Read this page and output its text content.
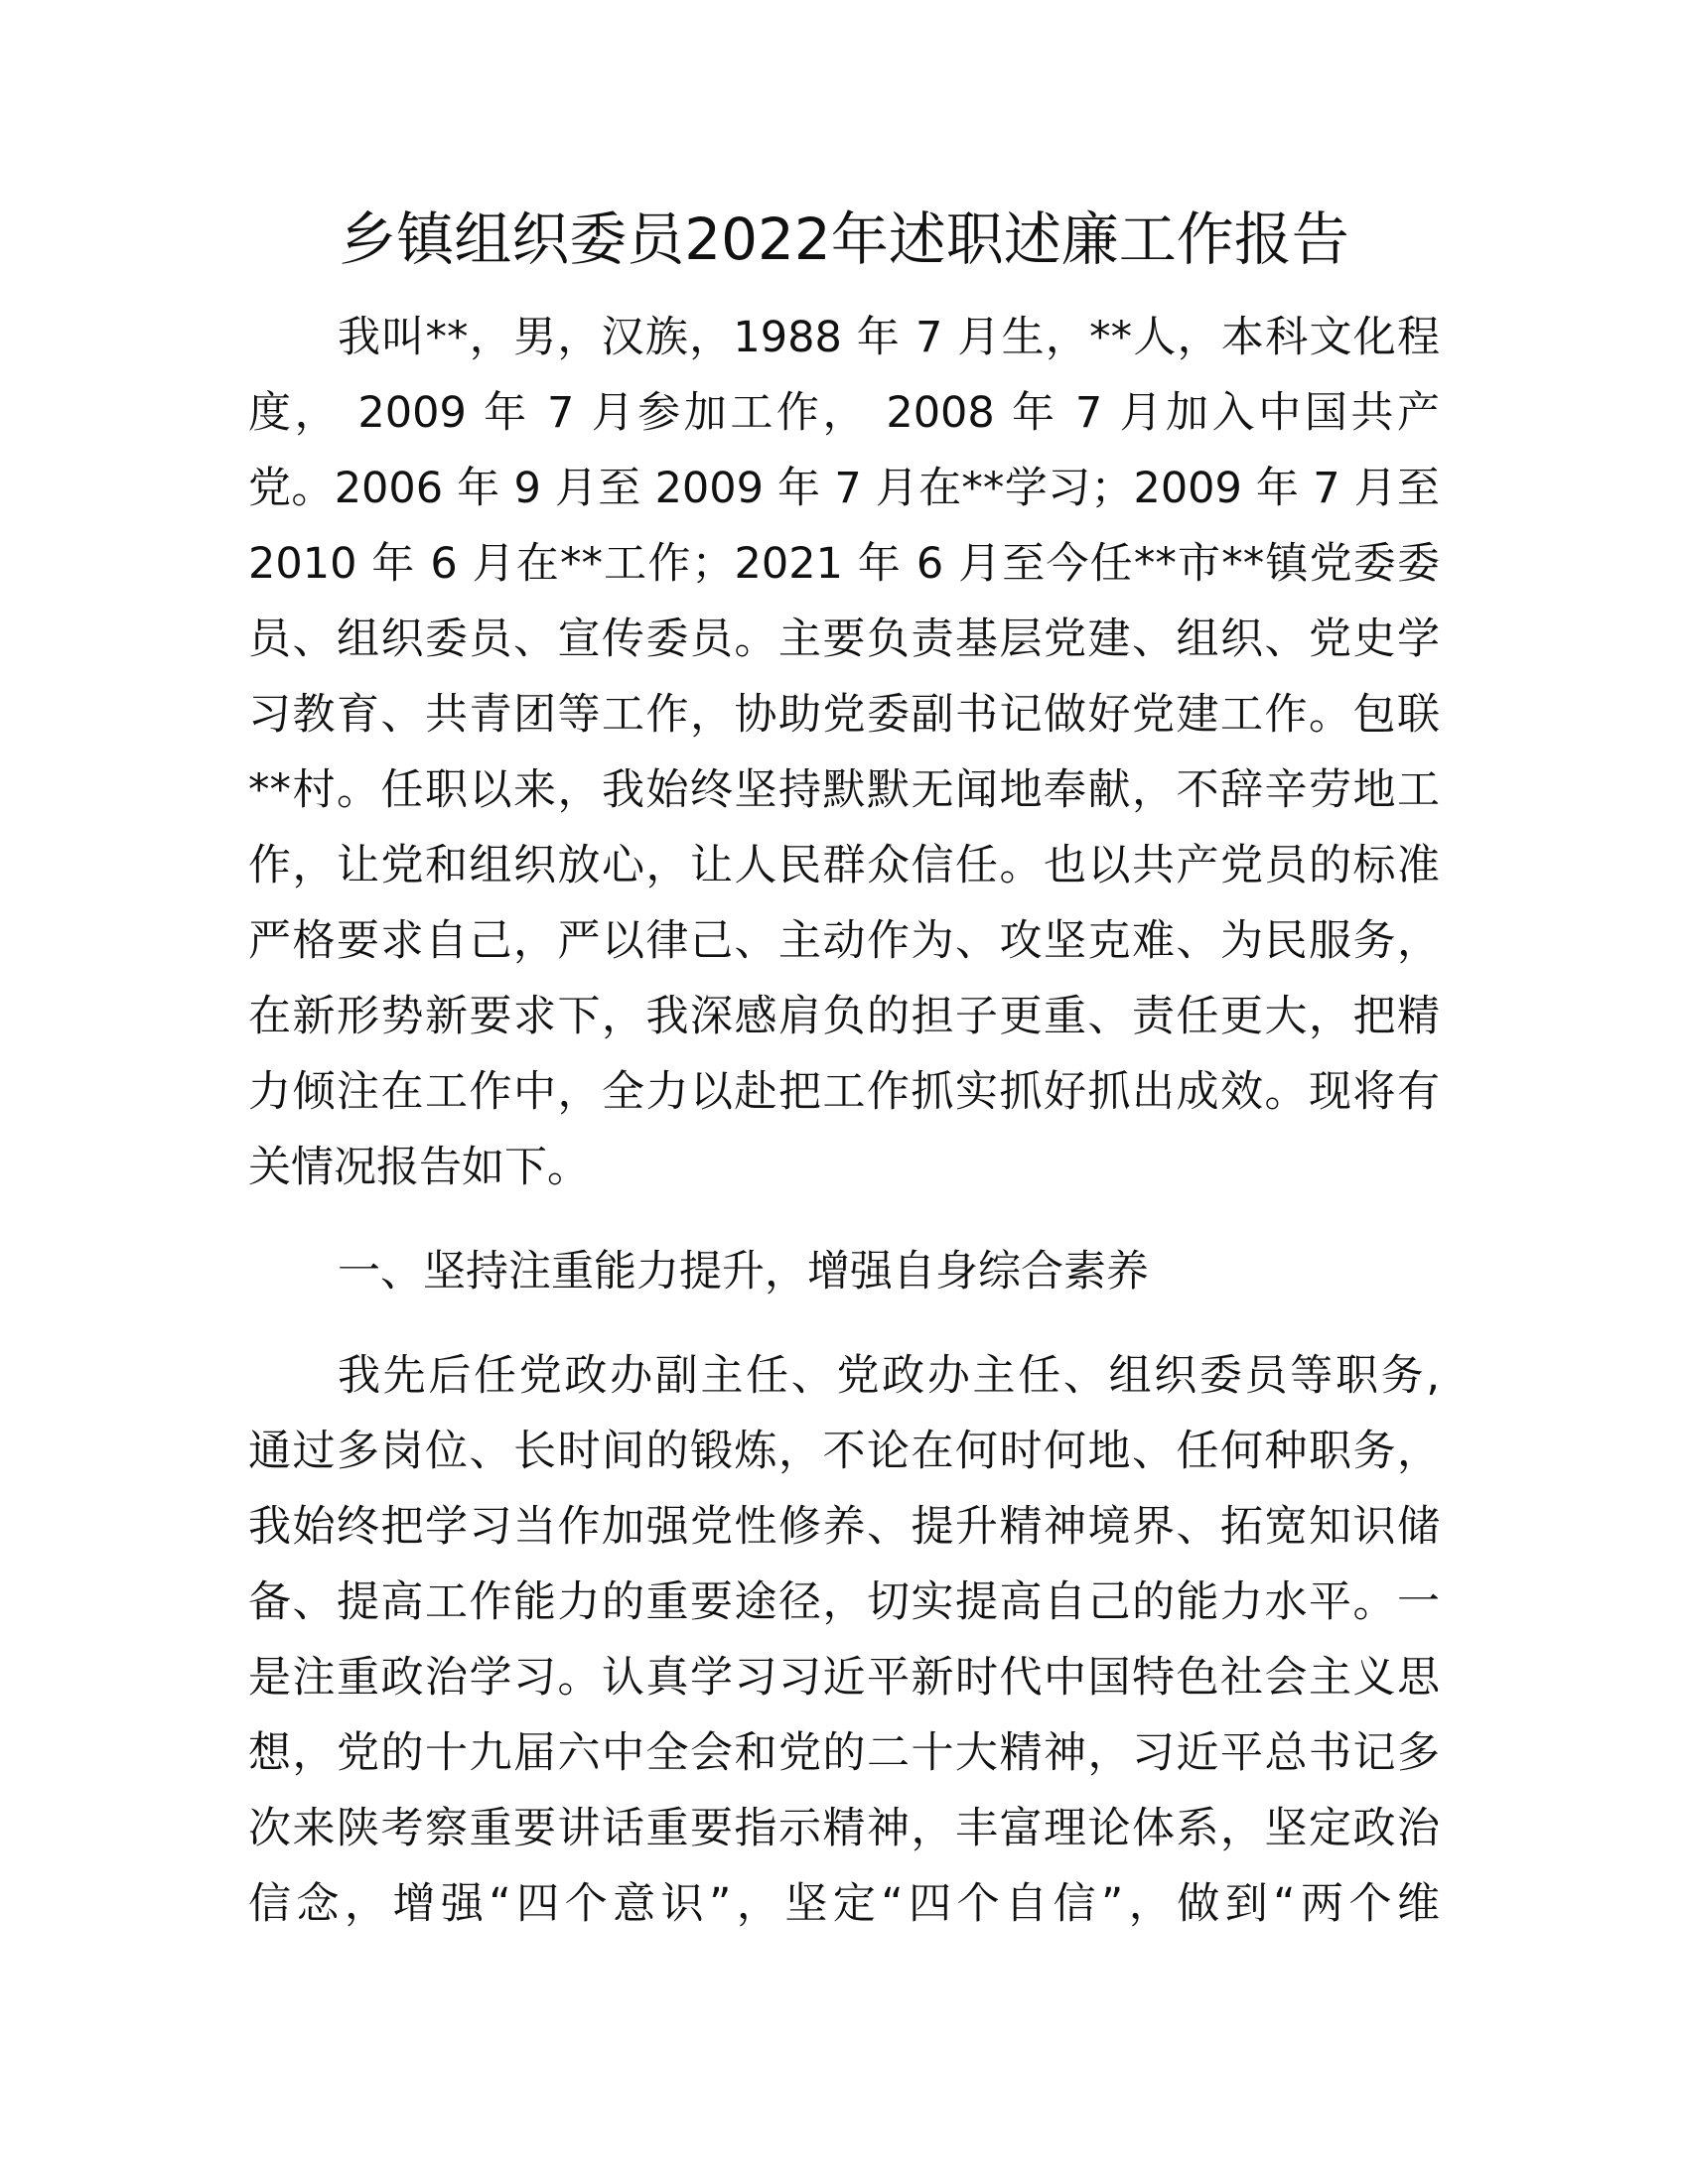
乡镇组织委员2022年述职述廉工作报告
我叫**，男，汉族，1988 年 7 月生，**人，本科文化程
度， 2009 年 7 月参加工作， 2008 年 7 月加入中国共产
党。2006 年 9 月至 2009 年 7 月在**学习；2009 年 7 月至
2010 年 6 月在**工作；2021 年 6 月至今任**市**镇党委委
员、组织委员、宣传委员。主要负责基层党建、组织、党史学
习教育、共青团等工作，协助党委副书记做好党建工作。包联
**村。任职以来，我始终坚持默默无闻地奉献，不辞辛劳地工
作，让党和组织放心，让人民群众信任。也以共产党员的标准
严格要求自己，严以律己、主动作为、攻坚克难、为民服务，
在新形势新要求下，我深感肩负的担子更重、责任更大，把精
力倾注在工作中，全力以赴把工作抓实抓好抓出成效。现将有
关情况报告如下。
一、坚持注重能力提升，增强自身综合素养
我先后任党政办副主任、党政办主任、组织委员等职务,
通过多岗位、长时间的锻炼，不论在何时何地、任何种职务，
我始终把学习当作加强党性修养、提升精神境界、拓宽知识储
备、提高工作能力的重要途径，切实提高自己的能力水平。一
是注重政治学习。认真学习习近平新时代中国特色社会主义思
想，党的十九届六中全会和党的二十大精神，习近平总书记多
次来陕考察重要讲话重要指示精神，丰富理论体系，坚定政治
信念，增强“四个意识”，坚定“四个自信”，做到“两个维
